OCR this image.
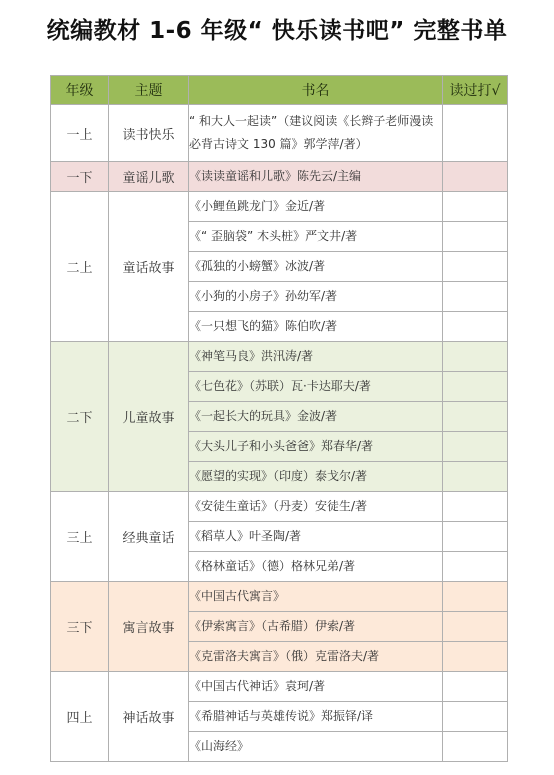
统编教材 1-6 年级“ 快乐读书吧” 完整书单
年级	主题	书名	读过打√
一上	读书快乐	“ 和大人一起读”（建议阅读《长辫子老师漫读必背古诗文 130 篇》郭学萍/著）	
一下	童谣儿歌	《读读童谣和儿歌》陈先云/主编	
二上	童话故事	《小鲤鱼跳龙门》金近/著	
		《“ 歪脑袋” 木头桩》严文井/著	
		《孤独的小螃蟹》冰波/著	
		《小狗的小房子》孙幼军/著	
		《一只想飞的猫》陈伯吹/著	
二下	儿童故事	《神笔马良》洪汛涛/著	
		《七色花》（苏联）瓦·卡达耶夫/著	
		《一起长大的玩具》金波/著	
		《大头儿子和小头爸爸》郑春华/著	
		《愿望的实现》（印度）泰戈尔/著	
三上	经典童话	《安徒生童话》（丹麦）安徒生/著	
		《稻草人》叶圣陶/著	
		《格林童话》（德）格林兄弟/著	
三下	寓言故事	《中国古代寓言》	
		《伊索寓言》（古希腊）伊索/著	
		《克雷洛夫寓言》（俄）克雷洛夫/著	
四上	神话故事	《中国古代神话》袁珂/著	
		《希腊神话与英雄传说》郑振铎/译	
		《山海经》	
